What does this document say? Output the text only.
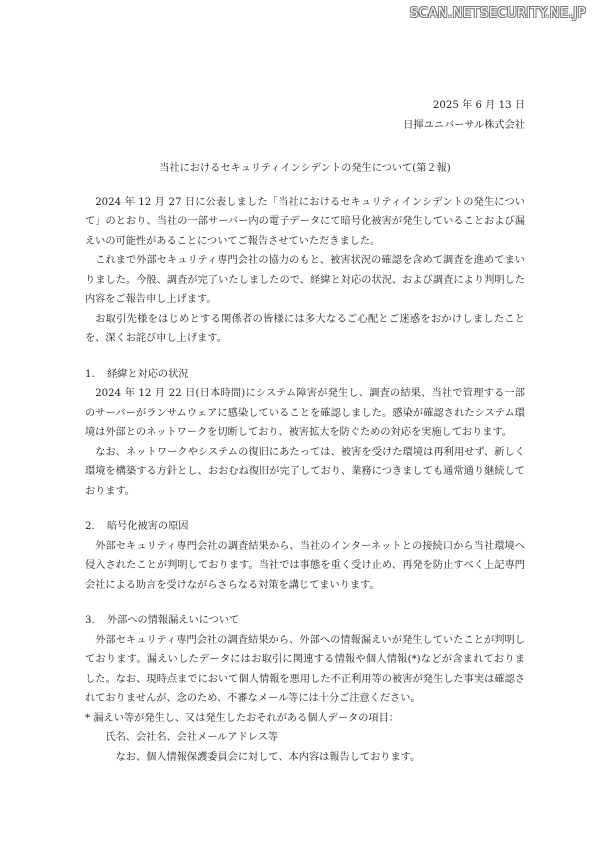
SCAN.NETSECURITY.NE.JP
2025 年 6 月 13 日
日揮ユニバーサル株式会社
当社におけるセキュリティインシデントの発生について(第２報)

2024 年 12 月 27 日に公表しました「当社におけるセキュリティインシデントの発生について」のとおり、当社の一部サーバー内の電子データにて暗号化被害が発生していることおよび漏えいの可能性があることについてご報告させていただきました。

これまで外部セキュリティ専門会社の協力のもと、被害状況の確認を含めて調査を進めてまいりました。今般、調査が完了いたしましたので、経緯と対応の状況、および調査により判明した内容をご報告申し上げます。

お取引先様をはじめとする関係者の皆様には多大なるご心配とご迷惑をおかけしましたことを、深くお詫び申し上げます。

1. 経緯と対応の状況

2024 年 12 月 22 日(日本時間)にシステム障害が発生し、調査の結果、当社で管理する一部のサーバーがランサムウェアに感染していることを確認しました。感染が確認されたシステム環境は外部とのネットワークを切断しており、被害拡大を防ぐための対応を実施しております。

なお、ネットワークやシステムの復旧にあたっては、被害を受けた環境は再利用せず、新しく環境を構築する方針とし、おおむね復旧が完了しており、業務につきましても通常通り継続しております。

2. 暗号化被害の原因

外部セキュリティ専門会社の調査結果から、当社のインターネットとの接続口から当社環境へ侵入されたことが判明しております。当社では事態を重く受け止め、再発を防止すべく上記専門会社による助言を受けながらさらなる対策を講じてまいります。

3. 外部への情報漏えいについて

外部セキュリティ専門会社の調査結果から、外部への情報漏えいが発生していたことが判明しております。漏えいしたデータにはお取引に関連する情報や個人情報(*)などが含まれておりました。なお、現時点までにおいて個人情報を悪用した不正利用等の被害が発生した事実は確認されておりませんが、念のため、不審なメール等には十分ご注意ください。

* 漏えい等が発生し、又は発生したおそれがある個人データの項目：

氏名、会社名、会社メールアドレス等

なお、個人情報保護委員会に対して、本内容は報告しております。
